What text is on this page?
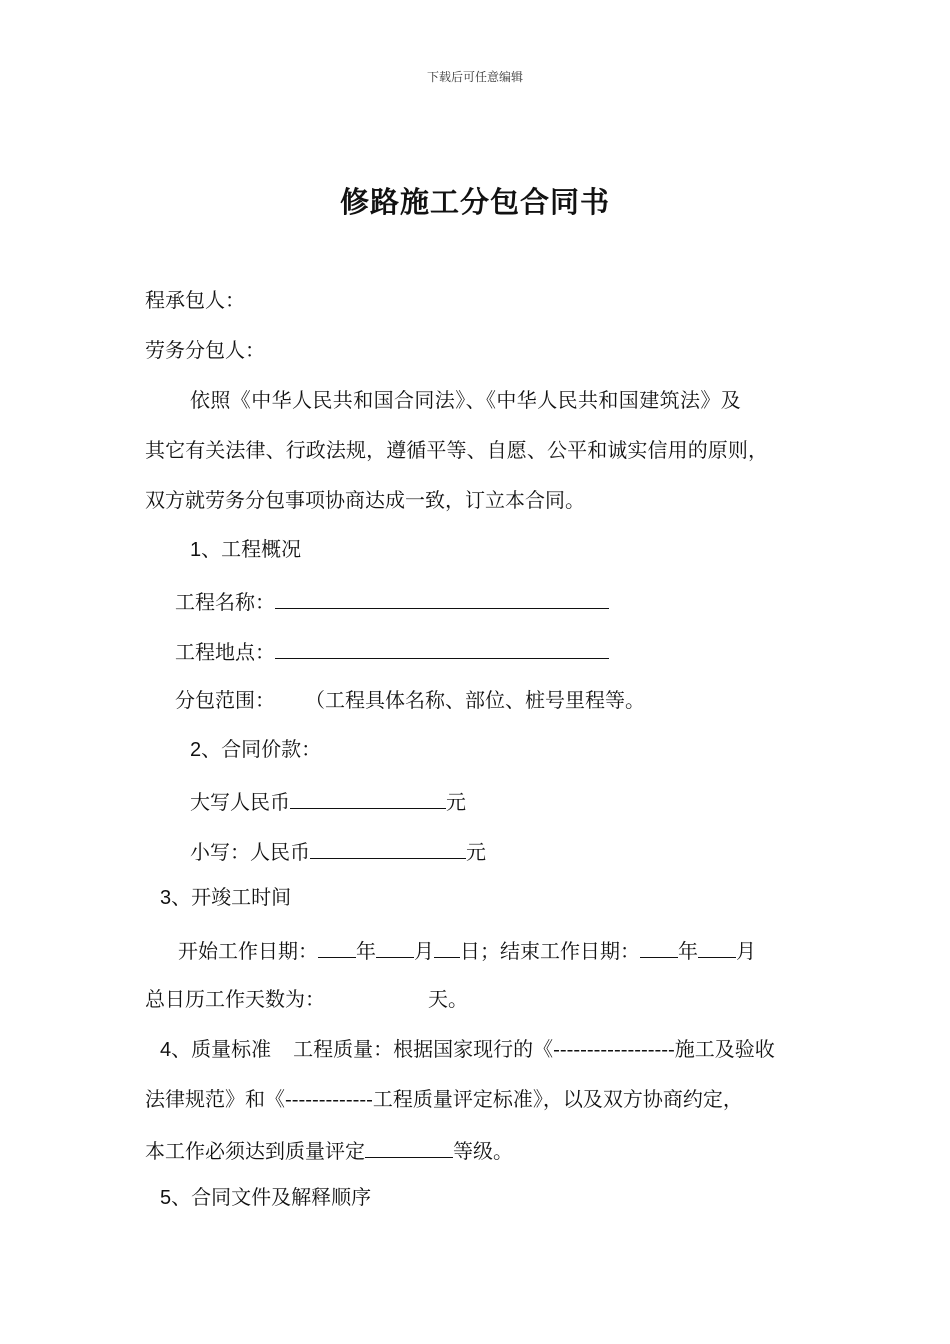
下载后可任意编辑
修路施工分包合同书
程承包人：
劳务分包人：
依照《中华人民共和国合同法》、《中华人民共和国建筑法》及
其它有关法律、行政法规，遵循平等、自愿、公平和诚实信用的原则，
双方就劳务分包事项协商达成一致，订立本合同。
1、工程概况
工程名称：
工程地点：
分包范围： （工程具体名称、部位、桩号里程等。
2、合同价款：
大写人民币	元
小写：人民币	元
3、开竣工时间
开始工作日期： 年 月 日；结束工作日期： 年 月
总日历工作天数为：	天。
4、质量标准 工程质量：根据国家现行的《------------------施工及验收
法律规范》和《-------------工程质量评定标准》，以及双方协商约定，
本工作必须达到质量评定	等级。
5、合同文件及解释顺序
